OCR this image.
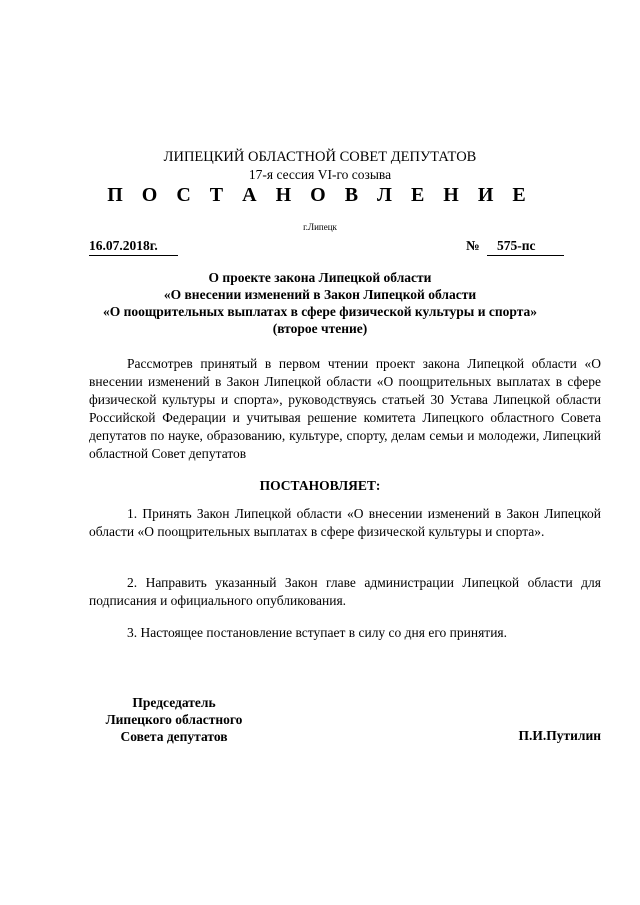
ЛИПЕЦКИЙ ОБЛАСТНОЙ СОВЕТ ДЕПУТАТОВ
17-я сессия VI-го созыва
П О С Т А Н О В Л Е Н И Е
г.Липецк
16.07.2018г.	№	575-пс
О проекте закона Липецкой области
«О внесении изменений в Закон Липецкой области
«О поощрительных выплатах в сфере физической культуры и спорта»
(второе чтение)

Рассмотрев принятый в первом чтении проект закона Липецкой области «О внесении изменений в Закон Липецкой области «О поощрительных выплатах в сфере физической культуры и спорта», руководствуясь статьей 30 Устава Липецкой области Российской Федерации и учитывая решение комитета Липецкого областного Совета депутатов по науке, образованию, культуре, спорту, делам семьи и молодежи, Липецкий областной Совет депутатов

ПОСТАНОВЛЯЕТ:

1. Принять Закон Липецкой области «О внесении изменений в Закон Липецкой области «О поощрительных выплатах в сфере физической культуры и спорта».

2. Направить указанный Закон главе администрации Липецкой области для подписания и официального опубликования.

3. Настоящее постановление вступает в силу со дня его принятия.

Председатель
Липецкого областного
Совета депутатов	П.И.Путилин
